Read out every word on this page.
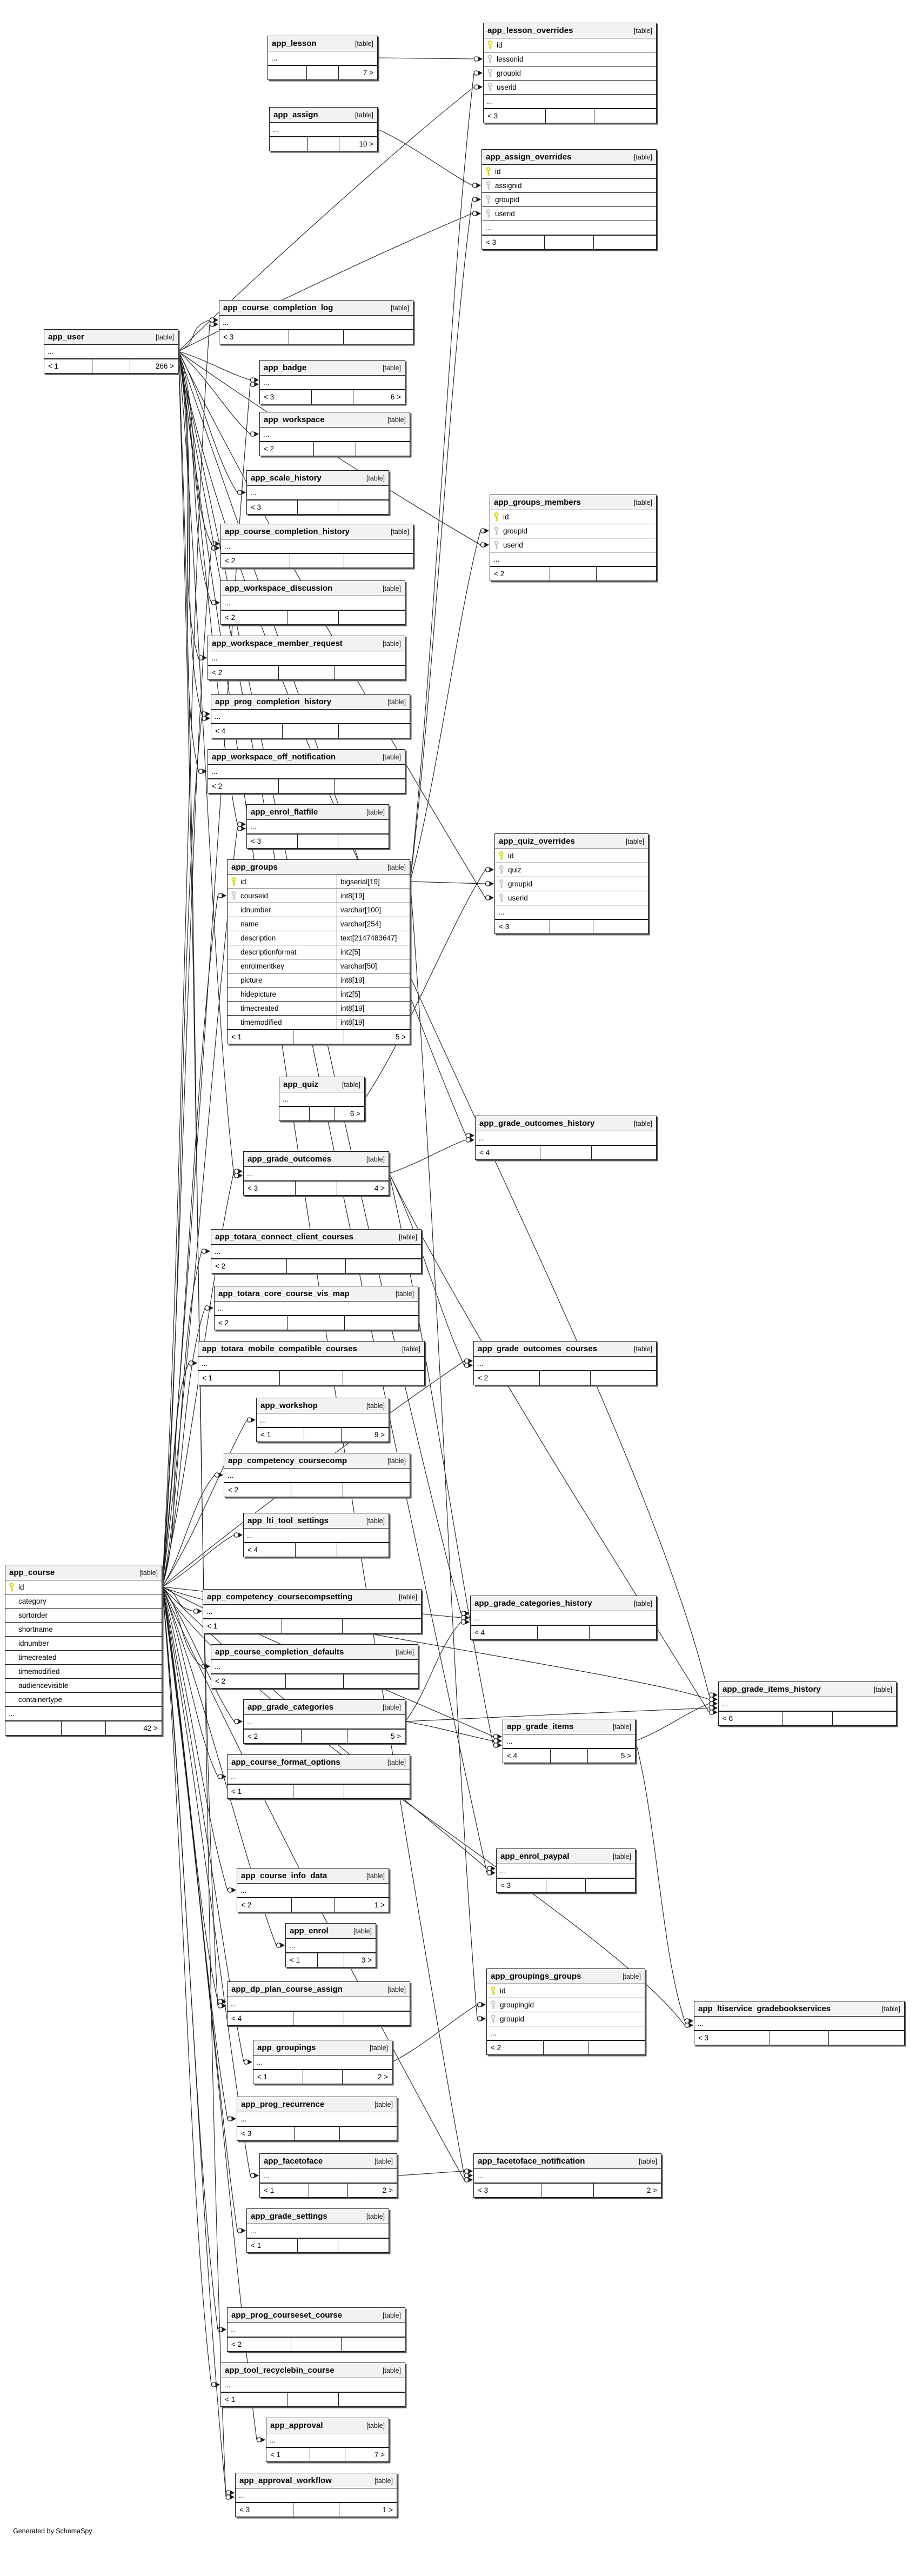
Generated by SchemaSpy
app_lesson	[table]
...
7 >
app_lesson_overrides	[table]
id
lessonid
groupid
userid
...
< 3
app_assign	[table]
...
10 >
app_assign_overrides	[table]
id
assignid
groupid
userid
...
< 3
app_user	[table]
...
< 1	266 >
app_course_completion_log	[table]
...
< 3
app_badge	[table]
...
< 3	6 >
app_workspace	[table]
...
< 2
app_scale_history	[table]
...
< 3
app_course_completion_history	[table]
...
< 2
app_groups_members	[table]
id
groupid
userid
...
< 2
app_workspace_discussion	[table]
...
< 2
app_workspace_member_request	[table]
...
< 2
app_prog_completion_history	[table]
...
< 4
app_workspace_off_notification	[table]
...
< 2
app_enrol_flatfile	[table]
...
< 3
app_groups	[table]
id	bigserial[19]
courseid	int8[19]
idnumber	varchar[100]
name	varchar[254]
description	text[2147483647]
descriptionformat	int2[5]
enrolmentkey	varchar[50]
picture	int8[19]
hidepicture	int2[5]
timecreated	int8[19]
timemodified	int8[19]
< 1	5 >
app_quiz_overrides	[table]
id
quiz
groupid
userid
...
< 3
app_quiz	[table]
...
6 >
app_grade_outcomes_history	[table]
...
< 4
app_grade_outcomes	[table]
...
< 3	4 >
app_totara_connect_client_courses	[table]
...
< 2
app_totara_core_course_vis_map	[table]
...
< 2
app_totara_mobile_compatible_courses	[table]
...
< 1
app_grade_outcomes_courses	[table]
...
< 2
app_workshop	[table]
...
< 1	9 >
app_competency_coursecomp	[table]
...
< 2
app_lti_tool_settings	[table]
...
< 4
app_course	[table]
id
category
sortorder
shortname
idnumber
timecreated
timemodified
audiencevisible
containertype
...
42 >
app_competency_coursecompsetting	[table]
...
< 1
app_grade_categories_history	[table]
...
< 4
app_course_completion_defaults	[table]
...
< 2
app_grade_items_history	[table]
...
< 6
app_grade_categories	[table]
...
< 2	5 >
app_grade_items	[table]
...
< 4	5 >
app_course_format_options	[table]
...
< 1
app_enrol_paypal	[table]
...
< 3
app_course_info_data	[table]
...
< 2	1 >
app_enrol	[table]
...
< 1	3 >
app_groupings_groups	[table]
id
groupingid
groupid
...
< 2
app_dp_plan_course_assign	[table]
...
< 4
app_ltiservice_gradebookservices	[table]
...
< 3
app_groupings	[table]
...
< 1	2 >
app_prog_recurrence	[table]
...
< 3
app_facetoface	[table]
...
< 1	2 >
app_facetoface_notification	[table]
...
< 3	2 >
app_grade_settings	[table]
...
< 1
app_prog_courseset_course	[table]
...
< 2
app_tool_recyclebin_course	[table]
...
< 1
app_approval	[table]
...
< 1	7 >
app_approval_workflow	[table]
...
< 3	1 >
